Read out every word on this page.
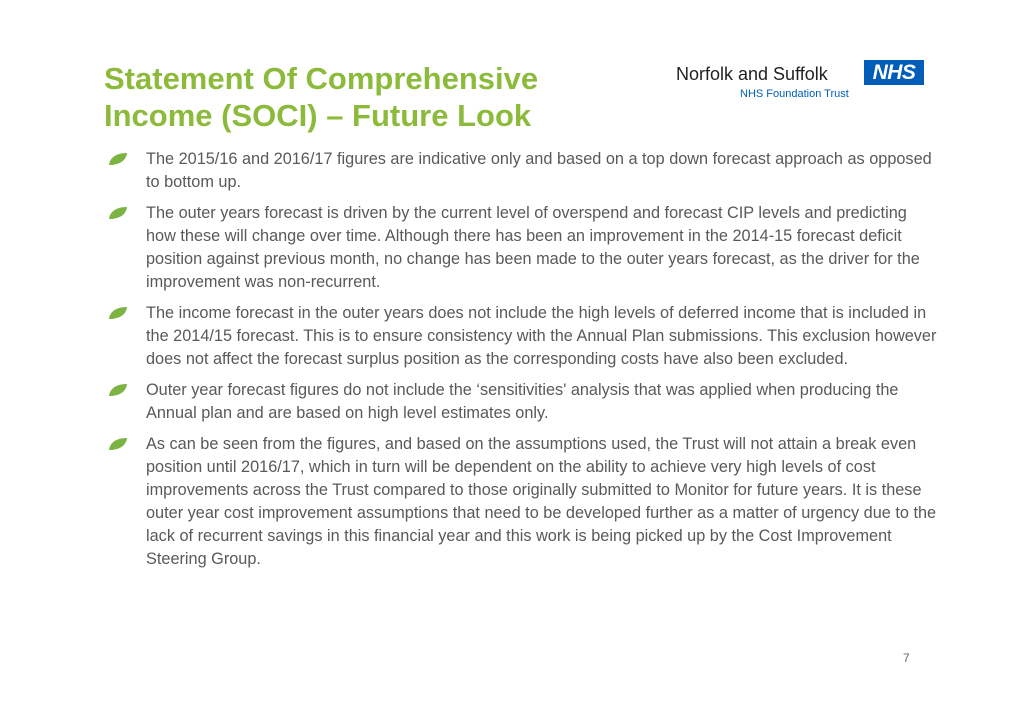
Statement Of Comprehensive
Income (SOCI) – Future Look
Norfolk and Suffolk	NHS
NHS Foundation Trust
The 2015/16 and 2016/17 figures are indicative only and based on a top down forecast approach as opposed to bottom up.
The outer years forecast is driven by the current level of overspend and forecast CIP levels and predicting how these will change over time. Although there has been an improvement in the 2014-15 forecast deficit position against previous month, no change has been made to the outer years forecast, as the driver for the improvement was non-recurrent.
The income forecast in the outer years does not include the high levels of deferred income that is included in the 2014/15 forecast. This is to ensure consistency with the Annual Plan submissions. This exclusion however does not affect the forecast surplus position as the corresponding costs have also been excluded.
Outer year forecast figures do not include the ‘sensitivities' analysis that was applied when producing the Annual plan and are based on high level estimates only.
As can be seen from the figures, and based on the assumptions used, the Trust will not attain a break even position until 2016/17, which in turn will be dependent on the ability to achieve very high levels of cost improvements across the Trust compared to those originally submitted to Monitor for future years. It is these outer year cost improvement assumptions that need to be developed further as a matter of urgency due to the lack of recurrent savings in this financial year and this work is being picked up by the Cost Improvement Steering Group.
7
